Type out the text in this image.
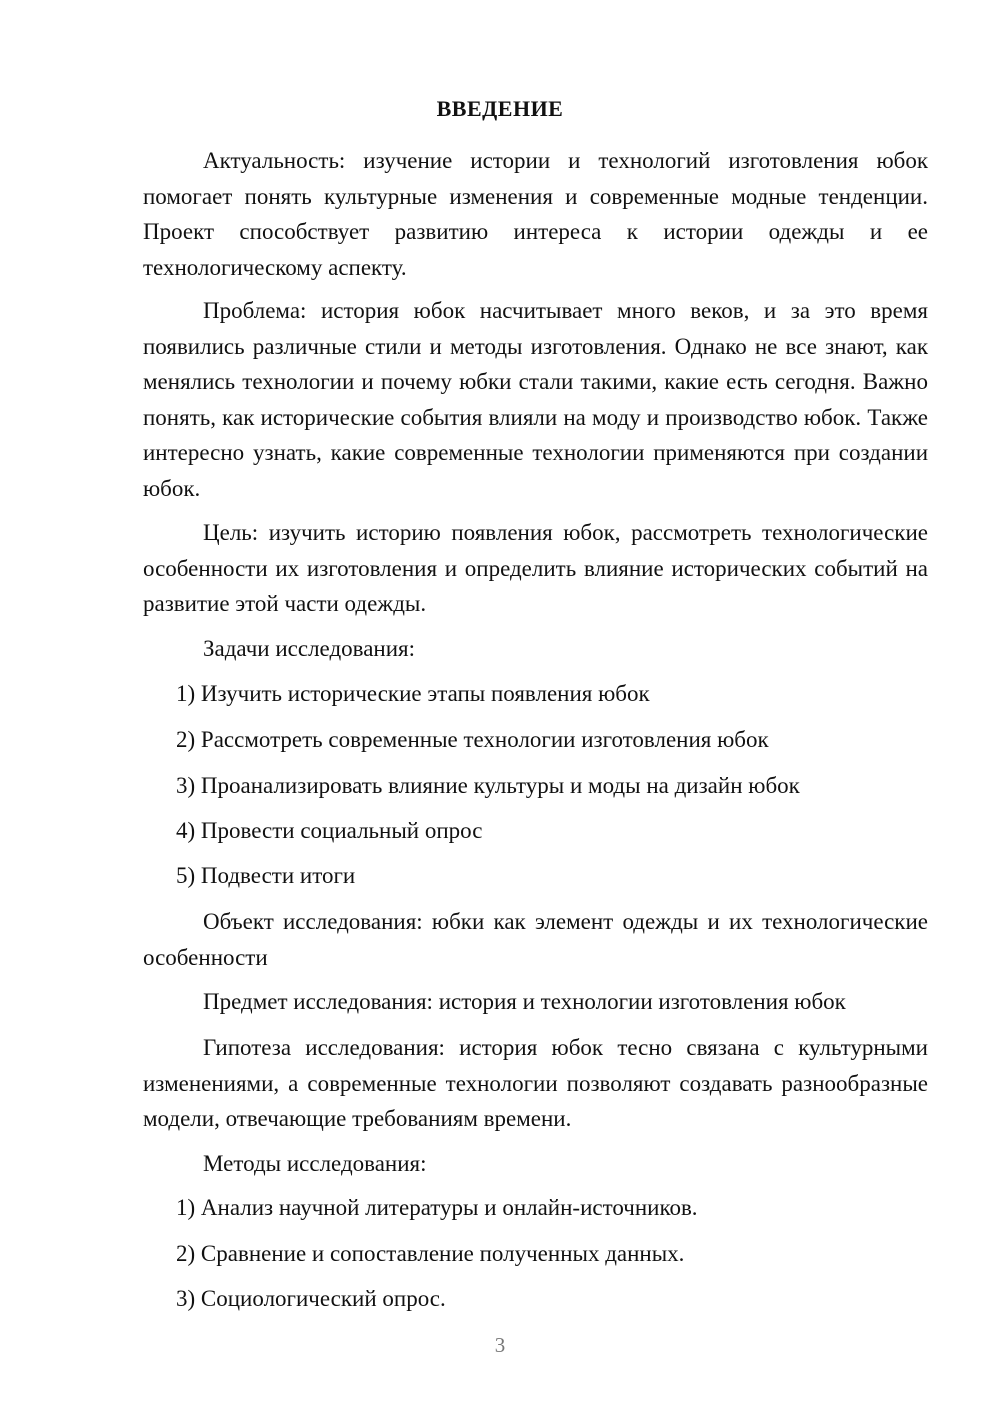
ВВЕДЕНИЕ

Актуальность: изучение истории и технологий изготовления юбок помогает понять культурные изменения и современные модные тенденции. Проект способствует развитию интереса к истории одежды и ее технологическому аспекту.

Проблема: история юбок насчитывает много веков, и за это время появились различные стили и методы изготовления. Однако не все знают, как менялись технологии и почему юбки стали такими, какие есть сегодня. Важно понять, как исторические события влияли на моду и производство юбок. Также интересно узнать, какие современные технологии применяются при создании юбок.

Цель: изучить историю появления юбок, рассмотреть технологические особенности их изготовления и определить влияние исторических событий на развитие этой части одежды.

Задачи исследования:

1) Изучить исторические этапы появления юбок

2) Рассмотреть современные технологии изготовления юбок

3) Проанализировать влияние культуры и моды на дизайн юбок

4) Провести социальный опрос

5) Подвести итоги

Объект исследования: юбки как элемент одежды и их технологические особенности

Предмет исследования: история и технологии изготовления юбок

Гипотеза исследования: история юбок тесно связана с культурными изменениями, а современные технологии позволяют создавать разнообразные модели, отвечающие требованиям времени.

Методы исследования:

1) Анализ научной литературы и онлайн-источников.

2) Сравнение и сопоставление полученных данных.

3) Социологический опрос.

3
